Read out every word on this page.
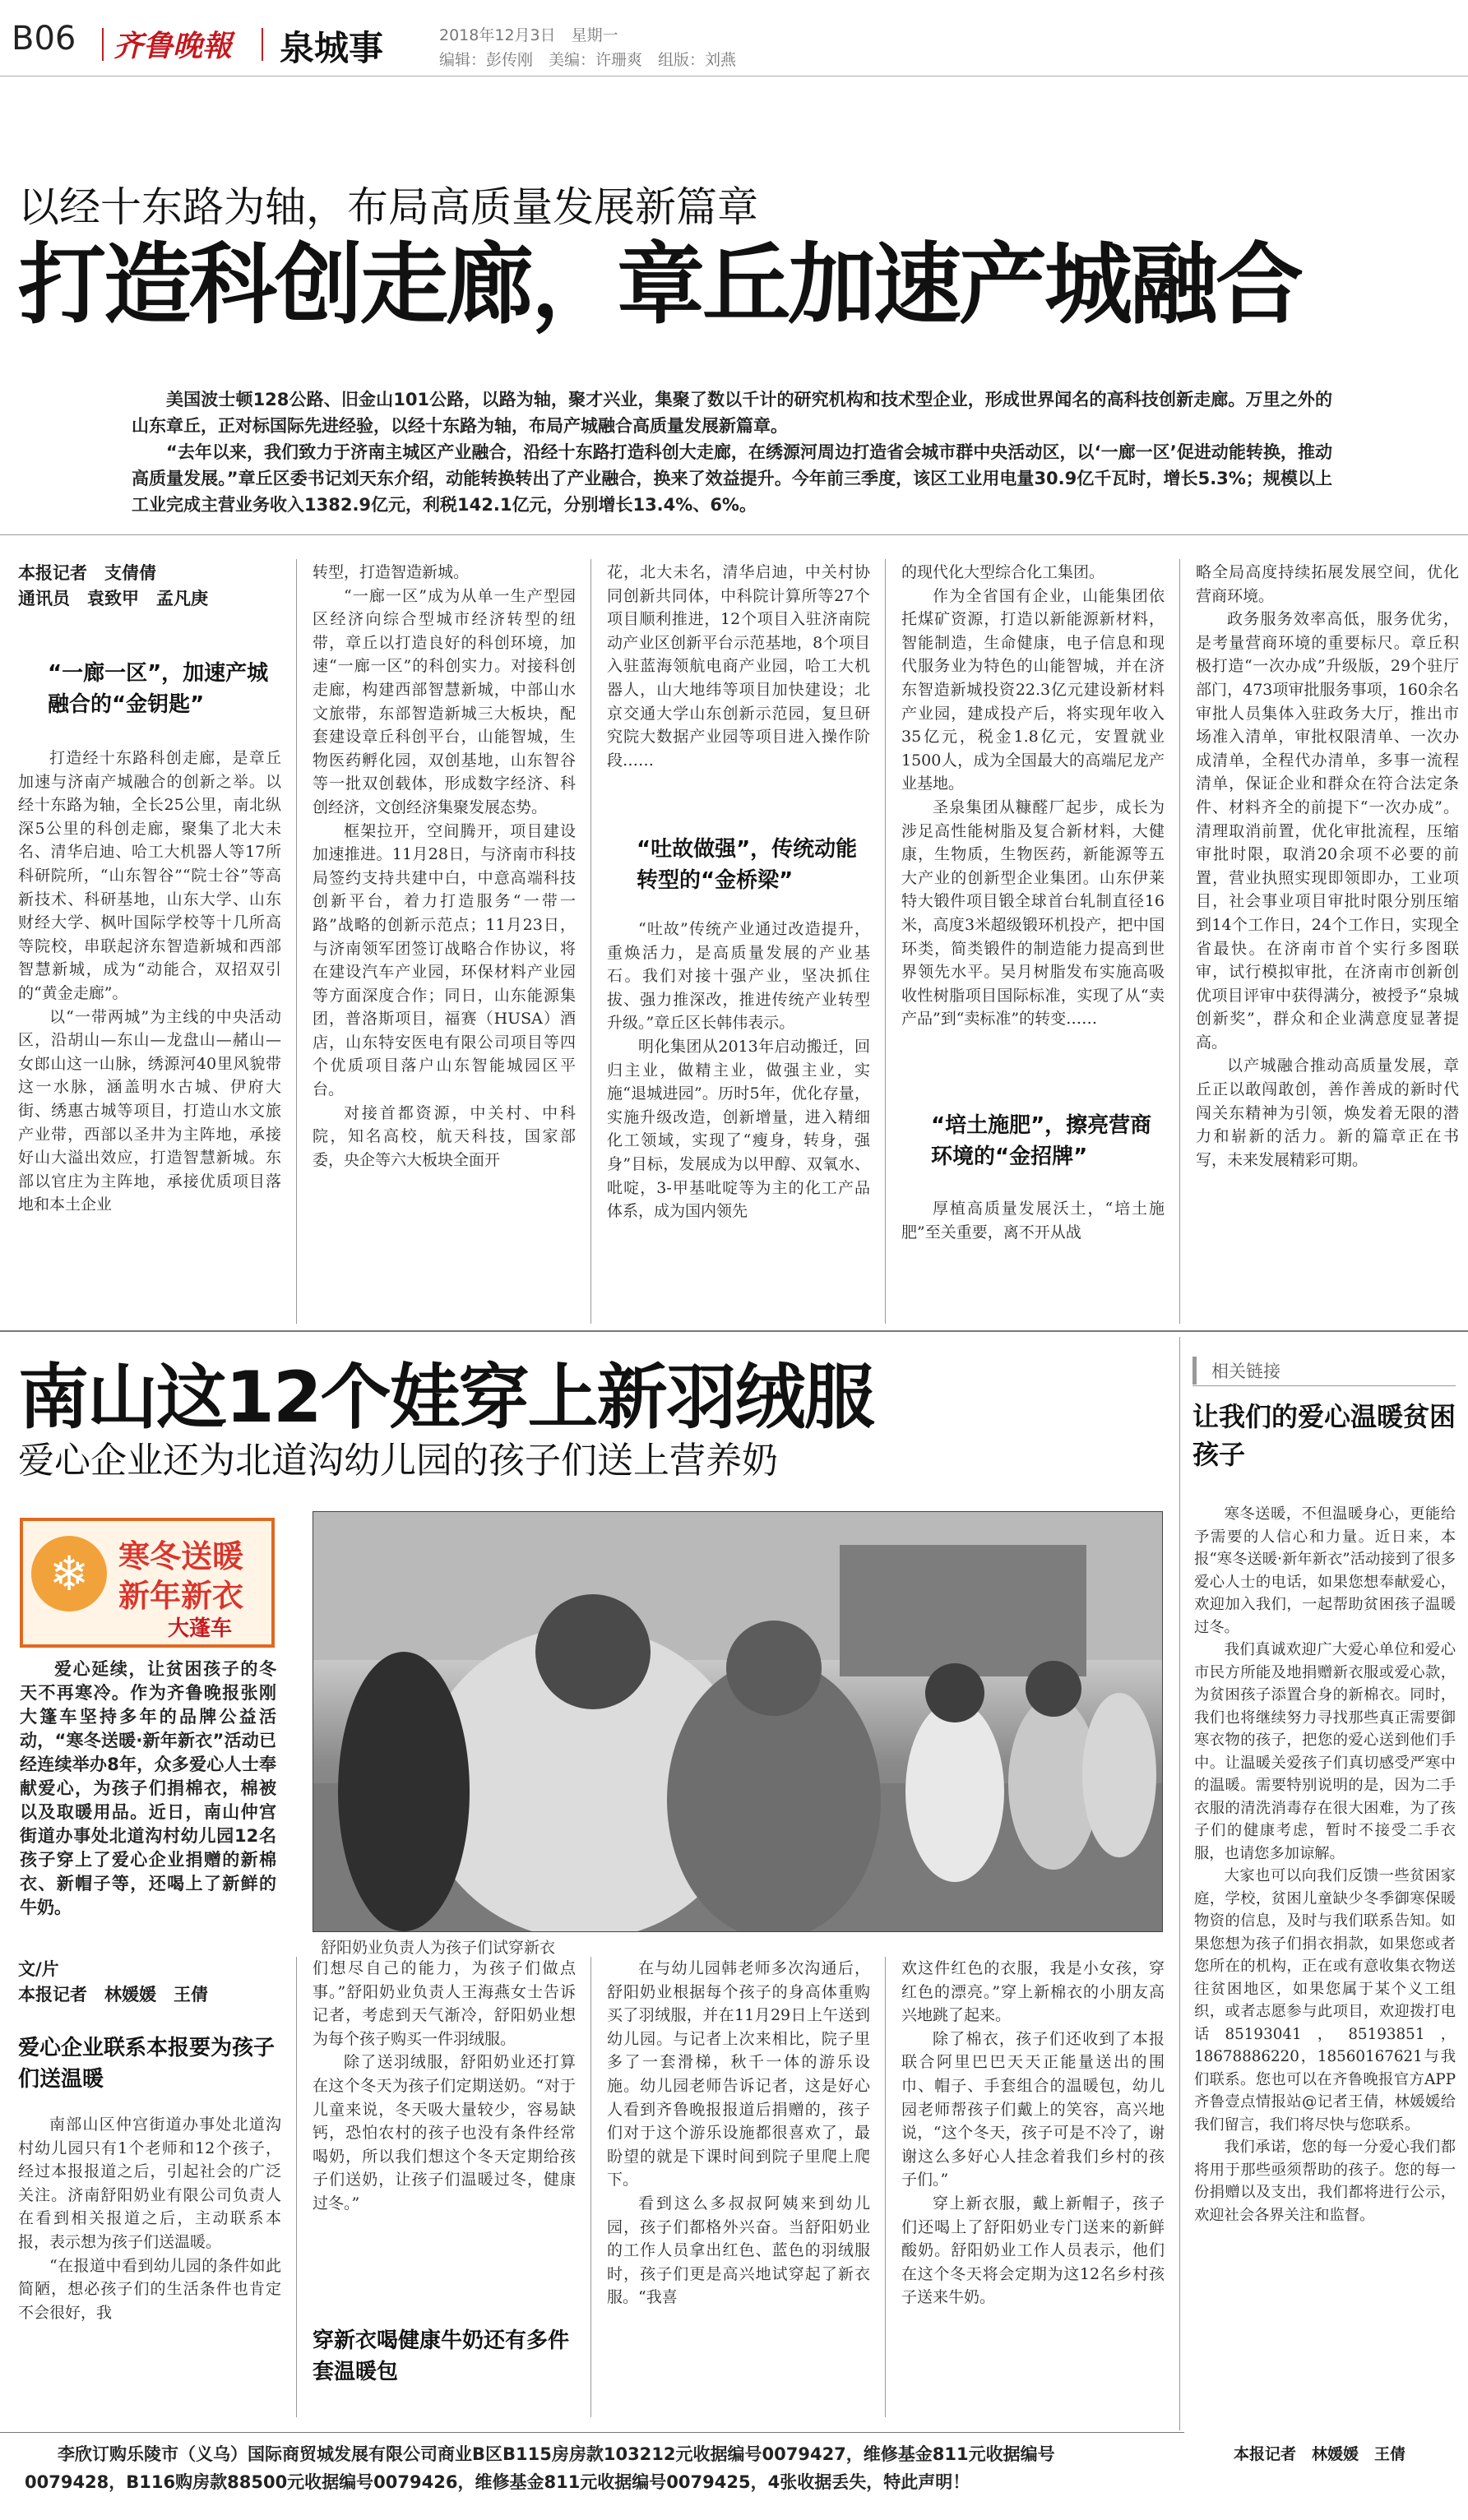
B06 齐鲁晚報 泉城事	2018年12月3日　 星期一
编辑：彭传刚　美编：许珊爽　组版：刘燕
以经十东路为轴，布局高质量发展新篇章
打造科创走廊，章丘加速产城融合

美国波士顿128公路、旧金山101公路，以路为轴，聚才兴业，集聚了数以千计的研究机构和技术型企业，形成世界闻名的高科技创新走廊。万里之外的山东章丘，正对标国际先进经验，以经十东路为轴，布局产城融合高质量发展新篇章。

“去年以来，我们致力于济南主城区产业融合，沿经十东路打造科创大走廊，在绣源河周边打造省会城市群中央活动区，以‘一廊一区’促进动能转换，推动高质量发展。”章丘区委书记刘天东介绍，动能转换转出了产业融合，换来了效益提升。今年前三季度，该区工业用电量30.9亿千瓦时，增长5.3%；规模以上工业完成主营业务收入1382.9亿元，利税142.1亿元，分别增长13.4%、6%。

本报记者　支倩倩
通讯员　袁致甲　孟凡庚
“一廊一区”，加速产城融合的“金钥匙”

打造经十东路科创走廊，是章丘加速与济南产城融合的创新之举。以经十东路为轴，全长25公里，南北纵深5公里的科创走廊，聚集了北大未名、清华启迪、哈工大机器人等17所科研院所，“山东智谷”“院士谷”等高新技术、科研基地，山东大学、山东财经大学、枫叶国际学校等十几所高等院校，串联起济东智造新城和西部智慧新城，成为“动能合，双招双引的“黄金走廊”。

以“一带两城”为主线的中央活动区，沿胡山—东山—龙盘山—赭山—女郎山这一山脉，绣源河40里风貌带这一水脉，涵盖明水古城、伊府大街、绣惠古城等项目，打造山水文旅产业带，西部以圣井为主阵地，承接好山大溢出效应，打造智慧新城。东部以官庄为主阵地，承接优质项目落地和本土企业

转型，打造智造新城。

“一廊一区”成为从单一生产型园区经济向综合型城市经济转型的纽带，章丘以打造良好的科创环境，加速“一廊一区”的科创实力。对接科创走廊，构建西部智慧新城，中部山水文旅带，东部智造新城三大板块，配套建设章丘科创平台，山能智城，生物医药孵化园，双创基地，山东智谷等一批双创载体，形成数字经济、科创经济，文创经济集聚发展态势。

框架拉开，空间腾开，项目建设加速推进。11月28日，与济南市科技局签约支持共建中白，中意高端科技创新平台，着力打造服务“一带一路”战略的创新示范点；11月23日，与济南领军团签订战略合作协议，将在建设汽车产业园，环保材料产业园等方面深度合作；同日，山东能源集团，普洛斯项目，福赛（HUSA）酒店，山东特安医电有限公司项目等四个优质项目落户山东智能城园区平台。

对接首都资源，中关村、中科院，知名高校，航天科技，国家部委，央企等六大板块全面开

花，北大未名，清华启迪，中关村协同创新共同体，中科院计算所等27个项目顺利推进，12个项目入驻济南院动产业区创新平台示范基地，8个项目入驻蓝海领航电商产业园，哈工大机器人，山大地纬等项目加快建设；北京交通大学山东创新示范园，复旦研究院大数据产业园等项目进入操作阶段……

“吐故做强”，传统动能转型的“金桥梁”

“吐故”传统产业通过改造提升，重焕活力，是高质量发展的产业基石。我们对接十强产业，坚决抓住拔、强力推深改，推进传统产业转型升级。”章丘区长韩伟表示。

明化集团从2013年启动搬迁，回归主业，做精主业，做强主业，实施“退城进园”。历时5年，优化存量，实施升级改造，创新增量，进入精细化工领域，实现了“瘦身，转身，强身”目标，发展成为以甲醇、双氧水、吡啶，3-甲基吡啶等为主的化工产品体系，成为国内领先

的现代化大型综合化工集团。

作为全省国有企业，山能集团依托煤矿资源，打造以新能源新材料，智能制造，生命健康，电子信息和现代服务业为特色的山能智城，并在济东智造新城投资22.3亿元建设新材料产业园，建成投产后，将实现年收入35亿元，税金1.8亿元，安置就业1500人，成为全国最大的高端尼龙产业基地。

圣泉集团从糠醛厂起步，成长为涉足高性能树脂及复合新材料，大健康，生物质，生物医药，新能源等五大产业的创新型企业集团。山东伊莱特大锻件项目锻全球首台轧制直径16米，高度3米超级锻环机投产，把中国环类，简类锻件的制造能力提高到世界领先水平。吴月树脂发布实施高吸收性树脂项目国际标准，实现了从“卖产品”到“卖标准”的转变……

“培土施肥”，擦亮营商环境的“金招牌”

厚植高质量发展沃土，“培土施肥”至关重要，离不开从战

略全局高度持续拓展发展空间，优化营商环境。

政务服务效率高低，服务优劣，是考量营商环境的重要标尺。章丘积极打造“一次办成”升级版，29个驻厅部门，473项审批服务事项，160余名审批人员集体入驻政务大厅，推出市场准入清单，审批权限清单、一次办成清单，全程代办清单，多事一流程清单，保证企业和群众在符合法定条件、材料齐全的前提下“一次办成”。清理取消前置，优化审批流程，压缩审批时限，取消20余项不必要的前置，营业执照实现即领即办，工业项目，社会事业项目审批时限分别压缩到14个工作日，24个工作日，实现全省最快。在济南市首个实行多图联审，试行模拟审批，在济南市创新创优项目评审中获得满分，被授予“泉城创新奖”，群众和企业满意度显著提高。

以产城融合推动高质量发展，章丘正以敢闯敢创，善作善成的新时代闯关东精神为引领，焕发着无限的潜力和崭新的活力。新的篇章正在书写，未来发展精彩可期。

南山这12个娃穿上新羽绒服
爱心企业还为北道沟幼儿园的孩子们送上营养奶
❄ 寒冬送暖
新年新衣
大蓬车
爱心延续，让贫困孩子的冬天不再寒冷。作为齐鲁晚报张刚大篷车坚持多年的品牌公益活动，“寒冬送暖·新年新衣”活动已经连续举办8年，众多爱心人士奉献爱心，为孩子们捐棉衣，棉被以及取暖用品。近日，南山仲宫街道办事处北道沟村幼儿园12名孩子穿上了爱心企业捐赠的新棉衣、新帽子等，还喝上了新鲜的牛奶。
舒阳奶业负责人为孩子们试穿新衣
文/片
本报记者　林媛媛　王倩
爱心企业联系本报要为孩子们送温暖

南部山区仲宫街道办事处北道沟村幼儿园只有1个老师和12个孩子，经过本报报道之后，引起社会的广泛关注。济南舒阳奶业有限公司负责人在看到相关报道之后，主动联系本报，表示想为孩子们送温暖。

“在报道中看到幼儿园的条件如此简陋，想必孩子们的生活条件也肯定不会很好，我

们想尽自己的能力，为孩子们做点事。”舒阳奶业负责人王海燕女士告诉记者，考虑到天气渐冷，舒阳奶业想为每个孩子购买一件羽绒服。

除了送羽绒服，舒阳奶业还打算在这个冬天为孩子们定期送奶。“对于儿童来说，冬天吸大量较少，容易缺钙，恐怕农村的孩子也没有条件经常喝奶，所以我们想这个冬天定期给孩子们送奶，让孩子们温暖过冬，健康过冬。”

穿新衣喝健康牛奶还有多件套温暖包

在与幼儿园韩老师多次沟通后，舒阳奶业根据每个孩子的身高体重购买了羽绒服，并在11月29日上午送到幼儿园。与记者上次来相比，院子里多了一套滑梯，秋千一体的游乐设施。幼儿园老师告诉记者，这是好心人看到齐鲁晚报报道后捐赠的，孩子们对于这个游乐设施都很喜欢了，最盼望的就是下课时间到院子里爬上爬下。

看到这么多叔叔阿姨来到幼儿园，孩子们都格外兴奋。当舒阳奶业的工作人员拿出红色、蓝色的羽绒服时，孩子们更是高兴地试穿起了新衣服。“我喜

欢这件红色的衣服，我是小女孩，穿红色的漂亮。”穿上新棉衣的小朋友高兴地跳了起来。

除了棉衣，孩子们还收到了本报联合阿里巴巴天天正能量送出的围巾、帽子、手套组合的温暖包，幼儿园老师帮孩子们戴上的笑容，高兴地说，“这个冬天，孩子可是不冷了，谢谢这么多好心人挂念着我们乡村的孩子们。”

穿上新衣服，戴上新帽子，孩子们还喝上了舒阳奶业专门送来的新鲜酸奶。舒阳奶业工作人员表示，他们在这个冬天将会定期为这12名乡村孩子送来牛奶。

相关链接
让我们的爱心温暖贫困孩子

寒冬送暖，不但温暖身心，更能给予需要的人信心和力量。近日来，本报“寒冬送暖·新年新衣”活动接到了很多爱心人士的电话，如果您想奉献爱心，欢迎加入我们，一起帮助贫困孩子温暖过冬。

我们真诚欢迎广大爱心单位和爱心市民方所能及地捐赠新衣服或爱心款，为贫困孩子添置合身的新棉衣。同时，我们也将继续努力寻找那些真正需要御寒衣物的孩子，把您的爱心送到他们手中。让温暖关爱孩子们真切感受严寒中的温暖。需要特别说明的是，因为二手衣服的清洗消毒存在很大困难，为了孩子们的健康考虑，暂时不接受二手衣服，也请您多加谅解。

大家也可以向我们反馈一些贫困家庭，学校，贫困儿童缺少冬季御寒保暖物资的信息，及时与我们联系告知。如果您想为孩子们捐衣捐款，如果您或者您所在的机构，正在或有意收集衣物送往贫困地区，如果您属于某个义工组织，或者志愿参与此项目，欢迎拨打电话85193041，85193851，18678886220，18560167621与我们联系。您也可以在齐鲁晚报官方APP齐鲁壹点情报站@记者王倩，林媛媛给我们留言，我们将尽快与您联系。

我们承诺，您的每一分爱心我们都将用于那些亟须帮助的孩子。您的每一份捐赠以及支出，我们都将进行公示，欢迎社会各界关注和监督。

本报记者　林媛媛　王倩
李欣订购乐陵市（义乌）国际商贸城发展有限公司商业B区B115房房款103212元收据编号0079427，维修基金811元收据编号
0079428，B116购房款88500元收据编号0079426，维修基金811元收据编号0079425，4张收据丢失，特此声明！
